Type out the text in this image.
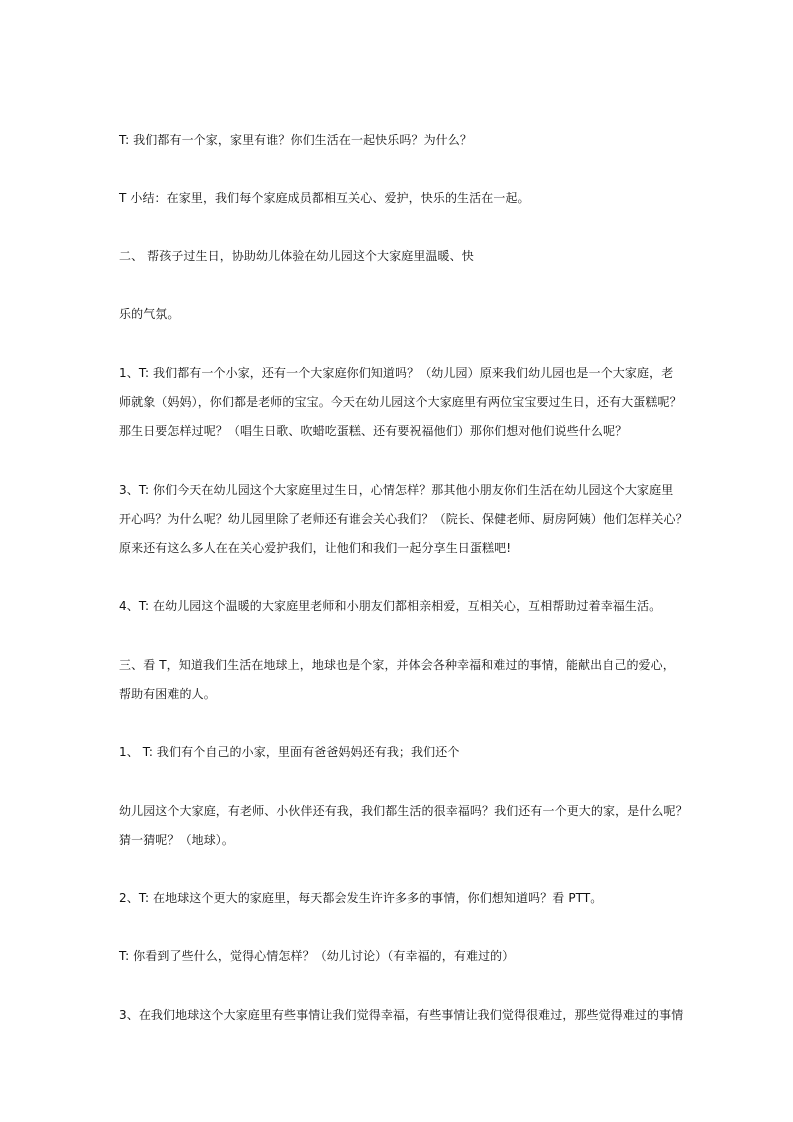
T: 我们都有一个家，家里有谁？你们生活在一起快乐吗？为什么？
T 小结：在家里，我们每个家庭成员都相互关心、爱护，快乐的生活在一起。
二、 帮孩子过生日，协助幼儿体验在幼儿园这个大家庭里温暖、快
乐的气氛。
1、T: 我们都有一个小家，还有一个大家庭你们知道吗？（幼儿园）原来我们幼儿园也是一个大家庭，老
师就象（妈妈），你们都是老师的宝宝。今天在幼儿园这个大家庭里有两位宝宝要过生日，还有大蛋糕呢？
那生日要怎样过呢？（唱生日歌、吹蜡吃蛋糕、还有要祝福他们）那你们想对他们说些什么呢？
3、T: 你们今天在幼儿园这个大家庭里过生日，心情怎样？那其他小朋友你们生活在幼儿园这个大家庭里
开心吗？为什么呢？幼儿园里除了老师还有谁会关心我们？（院长、保健老师、厨房阿姨）他们怎样关心？
原来还有这么多人在在关心爱护我们，让他们和我们一起分享生日蛋糕吧!
4、T: 在幼儿园这个温暖的大家庭里老师和小朋友们都相亲相爱，互相关心，互相帮助过着幸福生活。
三、看 T，知道我们生活在地球上，地球也是个家，并体会各种幸福和难过的事情，能献出自己的爱心，
帮助有困难的人。
1、 T: 我们有个自己的小家，里面有爸爸妈妈还有我；我们还个
幼儿园这个大家庭，有老师、小伙伴还有我，我们都生活的很幸福吗？我们还有一个更大的家，是什么呢？
猜一猜呢？（地球）。
2、T: 在地球这个更大的家庭里，每天都会发生许许多多的事情，你们想知道吗？看 PTT。
T: 你看到了些什么，觉得心情怎样？（幼儿讨论）（有幸福的，有难过的）
3、在我们地球这个大家庭里有些事情让我们觉得幸福，有些事情让我们觉得很难过，那些觉得难过的事情
